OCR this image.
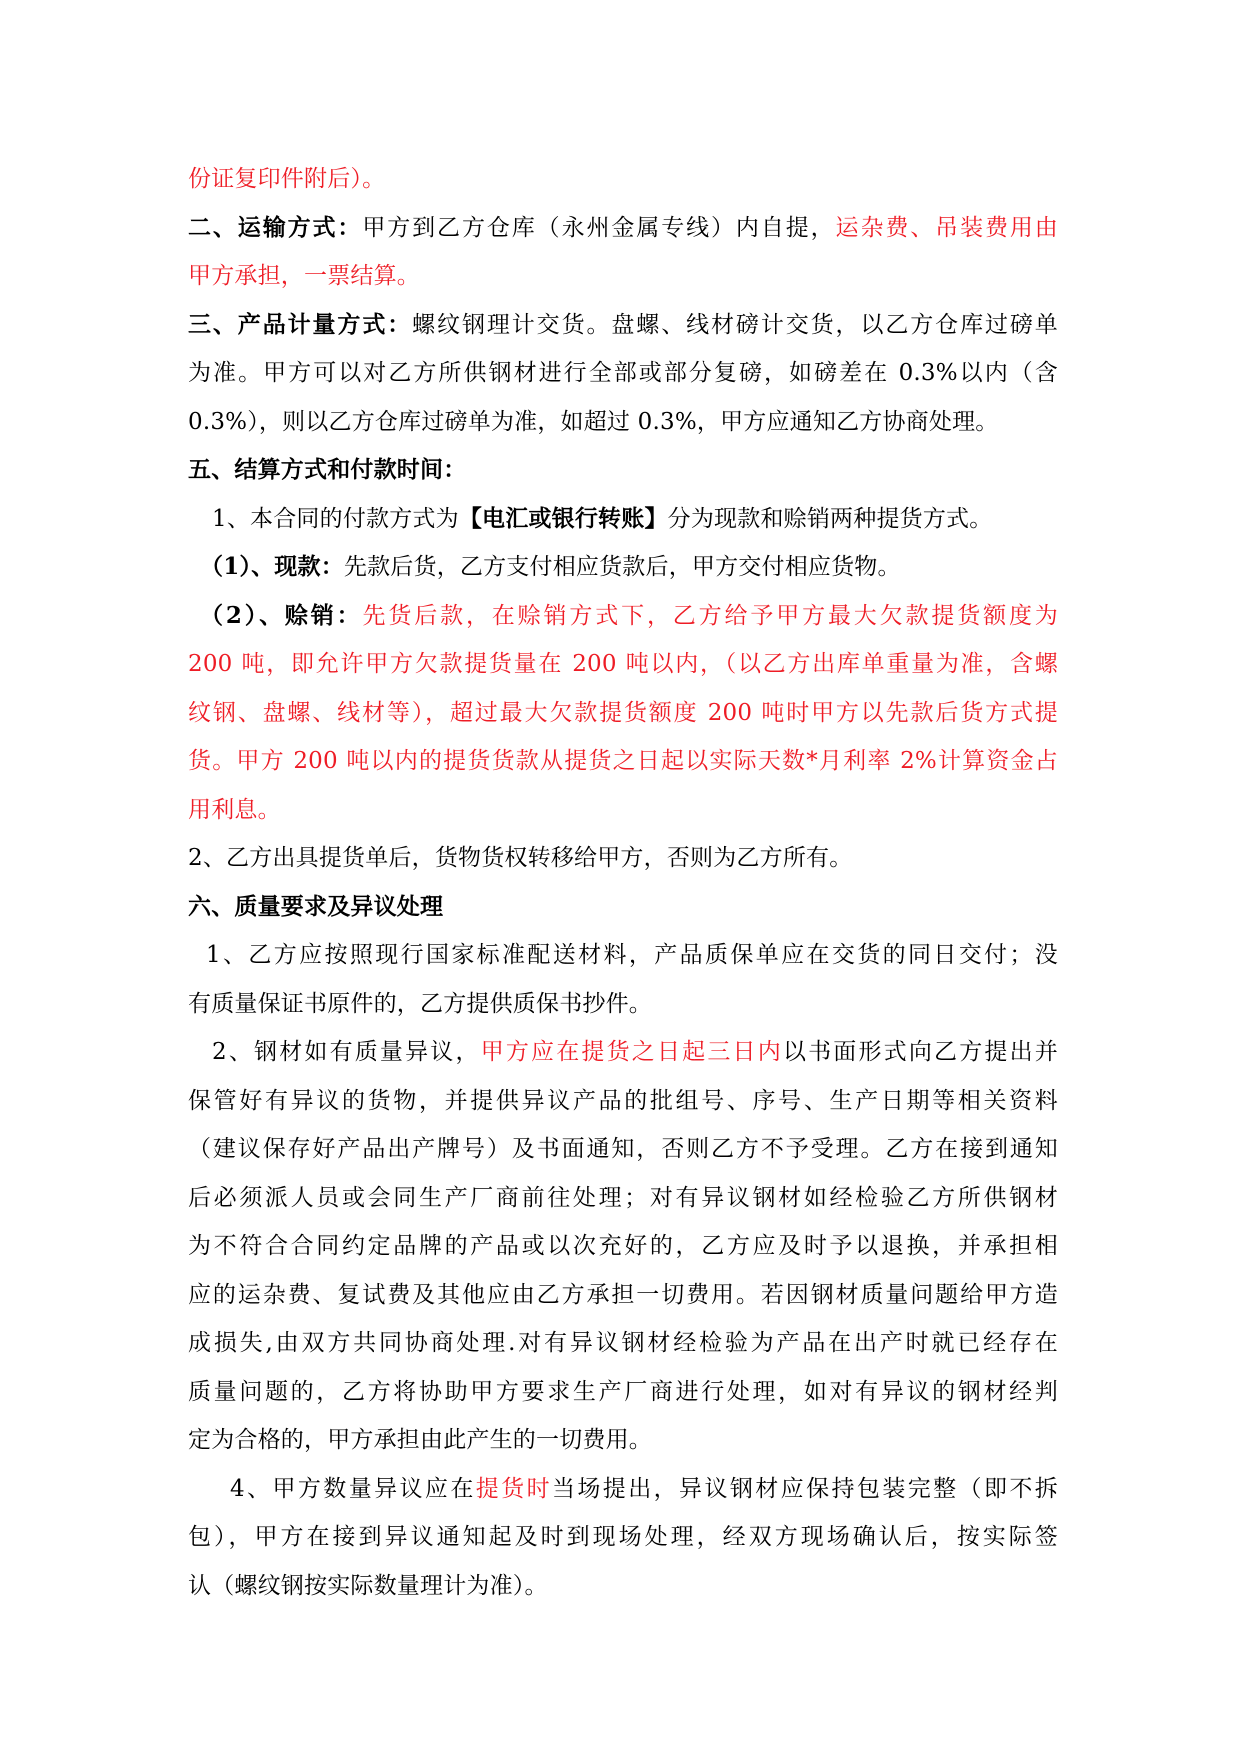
份证复印件附后）。
二、运输方式：甲方到乙方仓库（永州金属专线）内自提，运杂费、吊装费用由
甲方承担，一票结算。
三、产品计量方式：螺纹钢理计交货。盘螺、线材磅计交货，以乙方仓库过磅单
为准。甲方可以对乙方所供钢材进行全部或部分复磅，如磅差在 0.3%以内（含
0.3%），则以乙方仓库过磅单为准，如超过 0.3%，甲方应通知乙方协商处理。
五、结算方式和付款时间：
1、本合同的付款方式为【电汇或银行转账】分为现款和赊销两种提货方式。
（1）、现款：先款后货，乙方支付相应货款后，甲方交付相应货物。
（2）、赊销：先货后款，在赊销方式下，乙方给予甲方最大欠款提货额度为
200 吨，即允许甲方欠款提货量在 200 吨以内，（以乙方出库单重量为准，含螺
纹钢、盘螺、线材等），超过最大欠款提货额度 200 吨时甲方以先款后货方式提
货。甲方 200 吨以内的提货货款从提货之日起以实际天数*月利率 2%计算资金占
用利息。
2、乙方出具提货单后，货物货权转移给甲方，否则为乙方所有。
六、质量要求及异议处理
1、乙方应按照现行国家标准配送材料，产品质保单应在交货的同日交付；没
有质量保证书原件的，乙方提供质保书抄件。
2、钢材如有质量异议，甲方应在提货之日起三日内以书面形式向乙方提出并
保管好有异议的货物，并提供异议产品的批组号、序号、生产日期等相关资料
（建议保存好产品出产牌号）及书面通知，否则乙方不予受理。乙方在接到通知
后必须派人员或会同生产厂商前往处理；对有异议钢材如经检验乙方所供钢材
为不符合合同约定品牌的产品或以次充好的，乙方应及时予以退换，并承担相
应的运杂费、复试费及其他应由乙方承担一切费用。若因钢材质量问题给甲方造
成损失,由双方共同协商处理.对有异议钢材经检验为产品在出产时就已经存在
质量问题的，乙方将协助甲方要求生产厂商进行处理，如对有异议的钢材经判
定为合格的，甲方承担由此产生的一切费用。
4、甲方数量异议应在提货时当场提出，异议钢材应保持包装完整（即不拆
包），甲方在接到异议通知起及时到现场处理，经双方现场确认后，按实际签
认（螺纹钢按实际数量理计为准）。
